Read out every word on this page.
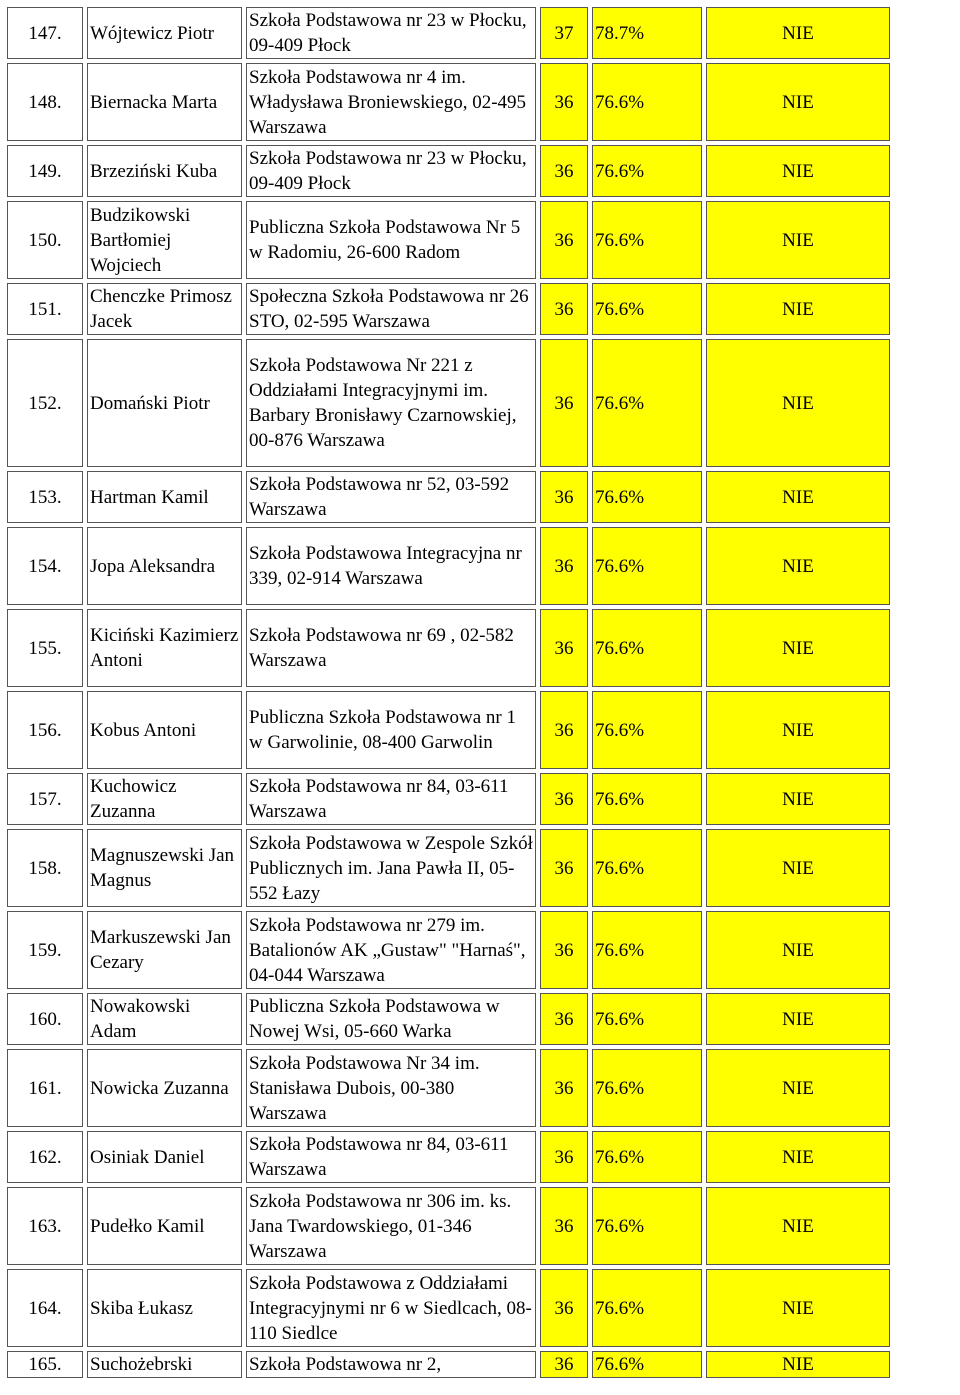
147.	Wójtewicz Piotr	Szkoła Podstawowa nr 23 w Płocku, 09-409 Płock	37	78.7%	NIE
148.	Biernacka Marta	Szkoła Podstawowa nr 4 im. Władysława Broniewskiego, 02-495 Warszawa	36	76.6%	NIE
149.	Brzeziński Kuba	Szkoła Podstawowa nr 23 w Płocku, 09-409 Płock	36	76.6%	NIE
150.	Budzikowski Bartłomiej Wojciech	Publiczna Szkoła Podstawowa Nr 5 w Radomiu, 26-600 Radom	36	76.6%	NIE
151.	Chenczke Primosz Jacek	Społeczna Szkoła Podstawowa nr 26 STO, 02-595 Warszawa	36	76.6%	NIE
152.	Domański Piotr	Szkoła Podstawowa Nr 221 z Oddziałami Integracyjnymi im. Barbary Bronisławy Czarnowskiej, 00-876 Warszawa	36	76.6%	NIE
153.	Hartman Kamil	Szkoła Podstawowa nr 52, 03-592 Warszawa	36	76.6%	NIE
154.	Jopa Aleksandra	Szkoła Podstawowa Integracyjna nr 339, 02-914 Warszawa	36	76.6%	NIE
155.	Kiciński Kazimierz Antoni	Szkoła Podstawowa nr 69 , 02-582 Warszawa	36	76.6%	NIE
156.	Kobus Antoni	Publiczna Szkoła Podstawowa nr 1 w Garwolinie, 08-400 Garwolin	36	76.6%	NIE
157.	Kuchowicz Zuzanna	Szkoła Podstawowa nr 84, 03-611 Warszawa	36	76.6%	NIE
158.	Magnuszewski Jan Magnus	Szkoła Podstawowa w Zespole Szkół Publicznych im. Jana Pawła II, 05-552 Łazy	36	76.6%	NIE
159.	Markuszewski Jan Cezary	Szkoła Podstawowa nr 279 im. Batalionów AK „Gustaw" "Harnaś", 04-044 Warszawa	36	76.6%	NIE
160.	Nowakowski Adam	Publiczna Szkoła Podstawowa w Nowej Wsi, 05-660 Warka	36	76.6%	NIE
161.	Nowicka Zuzanna	Szkoła Podstawowa Nr 34 im. Stanisława Dubois, 00-380 Warszawa	36	76.6%	NIE
162.	Osiniak Daniel	Szkoła Podstawowa nr 84, 03-611 Warszawa	36	76.6%	NIE
163.	Pudełko Kamil	Szkoła Podstawowa nr 306 im. ks. Jana Twardowskiego, 01-346 Warszawa	36	76.6%	NIE
164.	Skiba Łukasz	Szkoła Podstawowa z Oddziałami Integracyjnymi nr 6 w Siedlcach, 08-110 Siedlce	36	76.6%	NIE
165.	Suchożebrski	Szkoła Podstawowa nr 2,	36	76.6%	NIE
